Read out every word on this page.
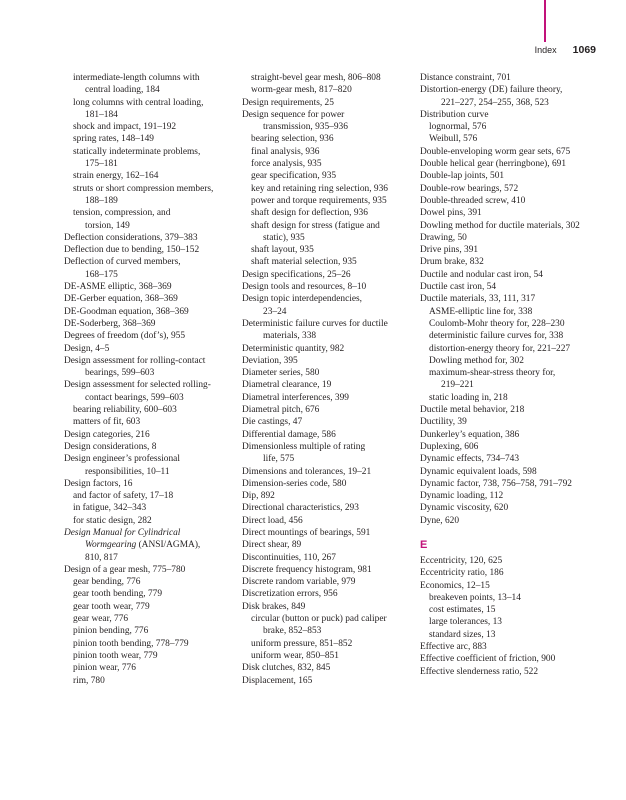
Index 1069
intermediate-length columns with
central loading, 184
long columns with central loading,
181–184
shock and impact, 191–192
spring rates, 148–149
statically indeterminate problems,
175–181
strain energy, 162–164
struts or short compression members,
188–189
tension, compression, and
torsion, 149
Deflection considerations, 379–383
Deflection due to bending, 150–152
Deflection of curved members,
168–175
DE-ASME elliptic, 368–369
DE-Gerber equation, 368–369
DE-Goodman equation, 368–369
DE-Soderberg, 368–369
Degrees of freedom (dof’s), 955
Design, 4–5
Design assessment for rolling-contact
bearings, 599–603
Design assessment for selected rolling-
contact bearings, 599–603
bearing reliability, 600–603
matters of fit, 603
Design categories, 216
Design considerations, 8
Design engineer’s professional
responsibilities, 10–11
Design factors, 16
and factor of safety, 17–18
in fatigue, 342–343
for static design, 282
Design Manual for Cylindrical
Wormgearing (ANSI/AGMA),
810, 817
Design of a gear mesh, 775–780
gear bending, 776
gear tooth bending, 779
gear tooth wear, 779
gear wear, 776
pinion bending, 776
pinion tooth bending, 778–779
pinion tooth wear, 779
pinion wear, 776
rim, 780
straight-bevel gear mesh, 806–808
worm-gear mesh, 817–820
Design requirements, 25
Design sequence for power
transmission, 935–936
bearing selection, 936
final analysis, 936
force analysis, 935
gear specification, 935
key and retaining ring selection, 936
power and torque requirements, 935
shaft design for deflection, 936
shaft design for stress (fatigue and
static), 935
shaft layout, 935
shaft material selection, 935
Design specifications, 25–26
Design tools and resources, 8–10
Design topic interdependencies,
23–24
Deterministic failure curves for ductile
materials, 338
Deterministic quantity, 982
Deviation, 395
Diameter series, 580
Diametral clearance, 19
Diametral interferences, 399
Diametral pitch, 676
Die castings, 47
Differential damage, 586
Dimensionless multiple of rating
life, 575
Dimensions and tolerances, 19–21
Dimension-series code, 580
Dip, 892
Directional characteristics, 293
Direct load, 456
Direct mountings of bearings, 591
Direct shear, 89
Discontinuities, 110, 267
Discrete frequency histogram, 981
Discrete random variable, 979
Discretization errors, 956
Disk brakes, 849
circular (button or puck) pad caliper
brake, 852–853
uniform pressure, 851–852
uniform wear, 850–851
Disk clutches, 832, 845
Displacement, 165
Distance constraint, 701
Distortion-energy (DE) failure theory,
221–227, 254–255, 368, 523
Distribution curve
lognormal, 576
Weibull, 576
Double-enveloping worm gear sets, 675
Double helical gear (herringbone), 691
Double-lap joints, 501
Double-row bearings, 572
Double-threaded screw, 410
Dowel pins, 391
Dowling method for ductile materials, 302
Drawing, 50
Drive pins, 391
Drum brake, 832
Ductile and nodular cast iron, 54
Ductile cast iron, 54
Ductile materials, 33, 111, 317
ASME-elliptic line for, 338
Coulomb-Mohr theory for, 228–230
deterministic failure curves for, 338
distortion-energy theory for, 221–227
Dowling method for, 302
maximum-shear-stress theory for,
219–221
static loading in, 218
Ductile metal behavior, 218
Ductility, 39
Dunkerley’s equation, 386
Duplexing, 606
Dynamic effects, 734–743
Dynamic equivalent loads, 598
Dynamic factor, 738, 756–758, 791–792
Dynamic loading, 112
Dynamic viscosity, 620
Dyne, 620
E
Eccentricity, 120, 625
Eccentricity ratio, 186
Economics, 12–15
breakeven points, 13–14
cost estimates, 15
large tolerances, 13
standard sizes, 13
Effective arc, 883
Effective coefficient of friction, 900
Effective slenderness ratio, 522
